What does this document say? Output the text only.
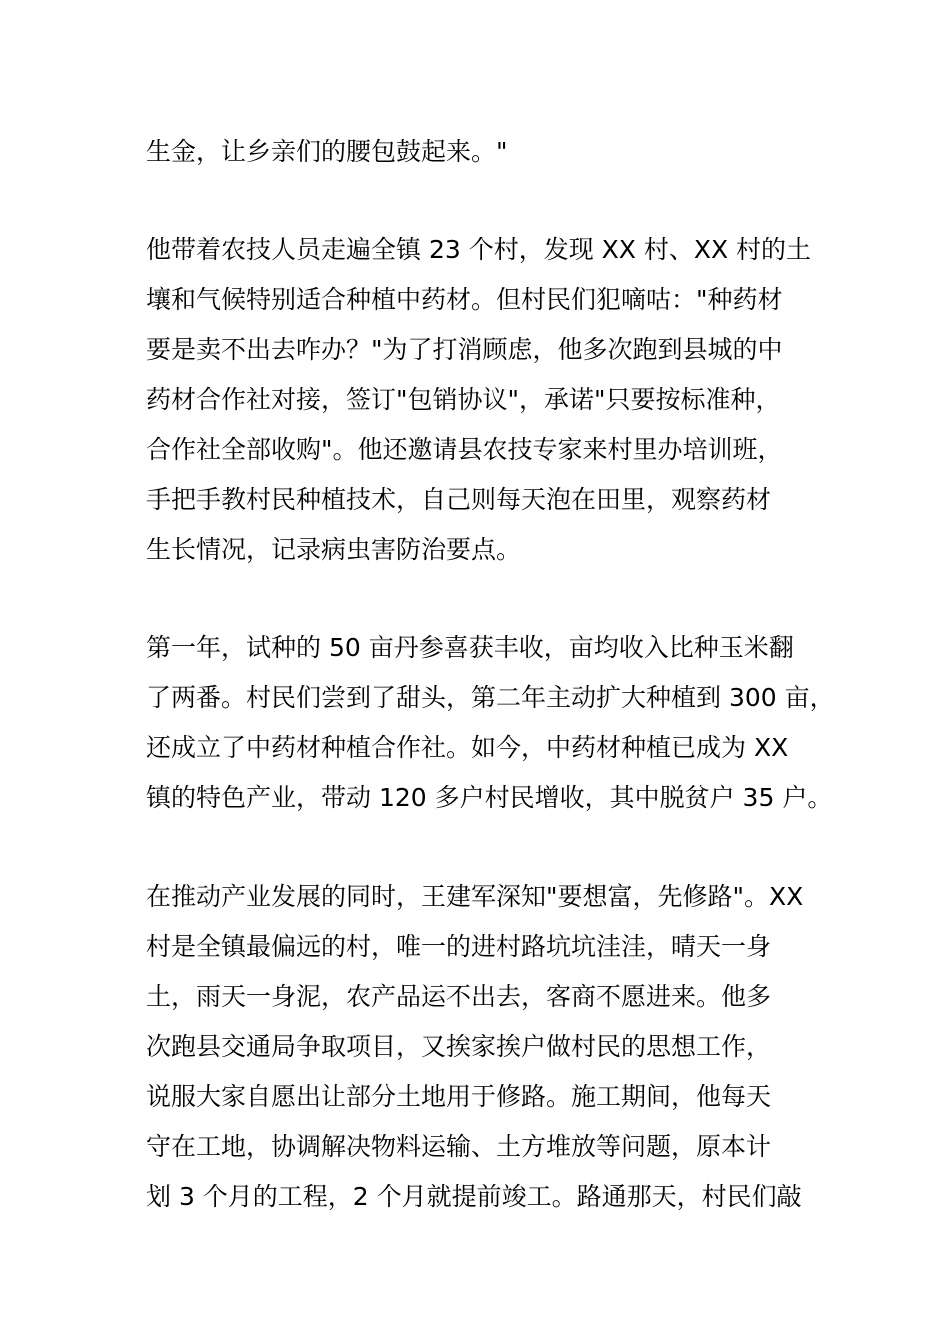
生金，让乡亲们的腰包鼓起来。"
他带着农技人员走遍全镇 23 个村，发现 XX 村、XX 村的土
壤和气候特别适合种植中药材。但村民们犯嘀咕："种药材
要是卖不出去咋办？"为了打消顾虑，他多次跑到县城的中
药材合作社对接，签订"包销协议"，承诺"只要按标准种，
合作社全部收购"。他还邀请县农技专家来村里办培训班，
手把手教村民种植技术，自己则每天泡在田里，观察药材
生长情况，记录病虫害防治要点。
第一年，试种的 50 亩丹参喜获丰收，亩均收入比种玉米翻
了两番。村民们尝到了甜头，第二年主动扩大种植到 300 亩，
还成立了中药材种植合作社。如今，中药材种植已成为 XX
镇的特色产业，带动 120 多户村民增收，其中脱贫户 35 户。
在推动产业发展的同时，王建军深知"要想富，先修路"。XX
村是全镇最偏远的村，唯一的进村路坑坑洼洼，晴天一身
土，雨天一身泥，农产品运不出去，客商不愿进来。他多
次跑县交通局争取项目，又挨家挨户做村民的思想工作，
说服大家自愿出让部分土地用于修路。施工期间，他每天
守在工地，协调解决物料运输、土方堆放等问题，原本计
划 3 个月的工程，2 个月就提前竣工。路通那天，村民们敲
